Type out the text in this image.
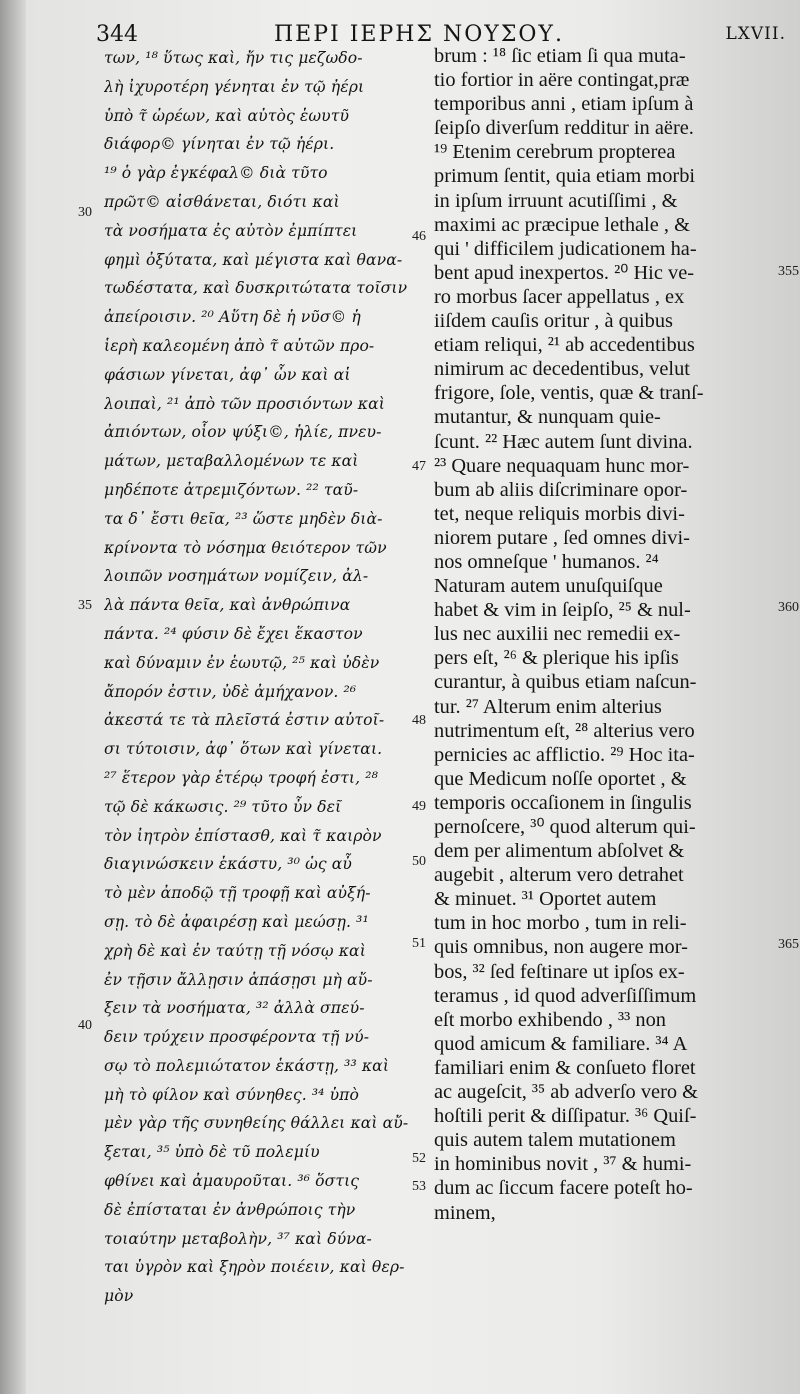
344	ΠΕΡΙ ΙΕΡΗΣ ΝΟΥΣΟΥ.	LXVII.
των, ¹⁸ ὕτως καὶ, ἤν τις μεζωδο-
λὴ ἰχυροτέρη γένηται ἐν τῷ ἠέρι
ὑπὸ τ̃ ὠρέων, καὶ αὐτὸς ἑωυτῦ
διάφορ© γίνηται ἐν τῷ ἠέρι.
¹⁹ ὁ γὰρ ἐγκέφαλ© διὰ τῦτο
πρῶτ© αἰσθάνεται, διότι καὶ
τὰ νοσήματα ἐς αὐτὸν ἐμπίπτει
φημὶ ὀξύτατα, καὶ μέγιστα καὶ θανα-
τωδέστατα, καὶ δυσκριτώτατα τοῖσιν
ἀπείροισιν. ²⁰ Αὕτη δὲ ἡ νῦσ© ἡ
ἱερὴ καλεομένη ἀπὸ τ̃ αὐτῶν προ-
φάσιων γίνεται, ἀφ᾽ ὧν καὶ αἱ
λοιπαὶ, ²¹ ἀπὸ τῶν προσιόντων καὶ
ἀπιόντων, οἷον ψύξι©, ἡλίε, πνευ-
μάτων, μεταβαλλομένων τε καὶ
μηδέποτε ἀτρεμιζόντων. ²² ταῦ-
τα δ᾽ ἔστι θεῖα, ²³ ὥστε μηδὲν διὰ-
κρίνοντα τὸ νόσημα θειότερον τῶν
λοιπῶν νοσημάτων νομίζειν, ἀλ-
λὰ πάντα θεῖα, καὶ ἀνθρώπινα
πάντα. ²⁴ φύσιν δὲ ἔχει ἕκαστον
καὶ δύναμιν ἐν ἑωυτῷ, ²⁵ καὶ ὐδὲν
ἄπορόν ἐστιν, ὐδὲ ἀμήχανον. ²⁶
ἀκεστά τε τὰ πλεῖστά ἐστιν αὐτοῖ-
σι τύτοισιν, ἀφ᾽ ὅτων καὶ γίνεται.
²⁷ ἕτερον γὰρ ἑτέρῳ τροφή ἐστι, ²⁸
τῷ δὲ κάκωσις. ²⁹ τῦτο ὖν δεῖ
τὸν ἰητρὸν ἐπίστασθ, καὶ τ̃ καιρὸν
διαγινώσκειν ἑκάστυ, ³⁰ ὡς αὖ
τὸ μὲν ἀποδῷ τῇ τροφῇ καὶ αὐξή-
σῃ. τὸ δὲ ἀφαιρέσῃ καὶ μεώσῃ. ³¹
χρὴ δὲ καὶ ἐν ταύτῃ τῇ νόσῳ καὶ
ἐν τῇσιν ἄλλῃσιν ἁπάσῃσι μὴ αὔ-
ξειν τὰ νοσήματα, ³² ἀλλὰ σπεύ-
δειν τρύχειν προσφέροντα τῇ νύ-
σῳ τὸ πολεμιώτατον ἑκάστῃ, ³³ καὶ
μὴ τὸ φίλον καὶ σύνηθες. ³⁴ ὑπὸ
μὲν γὰρ τῆς συνηθείης θάλλει καὶ αὔ-
ξεται, ³⁵ ὑπὸ δὲ τῦ πολεμίυ
φθίνει καὶ ἀμαυροῦται. ³⁶ ὅστις
δὲ ἐπίσταται ἐν ἀνθρώποις τὴν
τοιαύτην μεταβολὴν, ³⁷ καὶ δύνα-
ται ὑγρὸν καὶ ξηρὸν ποιέειν, καὶ θερ-
μὸν
brum : ¹⁸ ſic etiam ſi qua muta-
tio fortior in aëre contingat,præ
temporibus anni , etiam ipſum à
ſeipſo diverſum redditur in aëre.
¹⁹ Etenim cerebrum propterea
primum ſentit, quia etiam morbi
in ipſum irruunt acutiſſimi , &
maximi ac præcipue lethale , &
qui ' difficilem judicationem ha-
bent apud inexpertos. ²⁰ Hic ve-
ro morbus ſacer appellatus , ex
iiſdem cauſis oritur , à quibus
etiam reliqui, ²¹ ab accedentibus
nimirum ac decedentibus, velut
frigore, ſole, ventis, quæ & tranſ-
mutantur, & nunquam quie-
ſcunt. ²² Hæc autem ſunt divina.
²³ Quare nequaquam hunc mor-
bum ab aliis diſcriminare opor-
tet, neque reliquis morbis divi-
niorem putare , ſed omnes divi-
nos omneſque ' humanos. ²⁴
Naturam autem unuſquiſque
habet & vim in ſeipſo, ²⁵ & nul-
lus nec auxilii nec remedii ex-
pers eſt, ²⁶ & plerique his ipſis
curantur, à quibus etiam naſcun-
tur. ²⁷ Alterum enim alterius
nutrimentum eſt, ²⁸ alterius vero
pernicies ac afflictio. ²⁹ Hoc ita-
que Medicum noſſe oportet , &
temporis occaſionem in ſingulis
pernoſcere, ³⁰ quod alterum qui-
dem per alimentum abſolvet &
augebit , alterum vero detrahet
& minuet. ³¹ Oportet autem
tum in hoc morbo , tum in reli-
quis omnibus, non augere mor-
bos, ³² ſed feſtinare ut ipſos ex-
teramus , id quod adverſiſſimum
eſt morbo exhibendo , ³³ non
quod amicum & familiare. ³⁴ A
familiari enim & conſueto floret
ac augeſcit, ³⁵ ab adverſo vero &
hoſtili perit & diſſipatur. ³⁶ Quiſ-
quis autem talem mutationem
in hominibus novit , ³⁷ & humi-
dum ac ſiccum facere poteſt ho-
minem,
30
35
40
46
47
48
49
50
51
52
53
355
360
365
